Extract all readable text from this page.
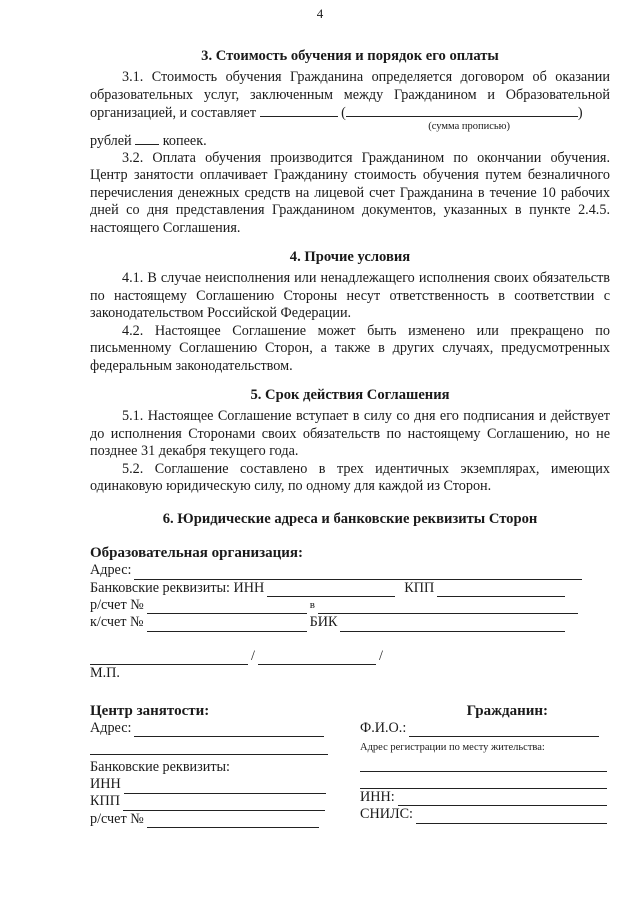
4
3. Стоимость обучения и порядок его оплаты

3.1. Стоимость обучения Гражданина определяется договором об оказании образовательных услуг, заключенным между Гражданином и Образовательной организацией, и составляет	(	)

(сумма прописью)
рублей копеек.

3.2. Оплата обучения производится Гражданином по окончании обучения. Центр занятости оплачивает Гражданину стоимость обучения путем безналичного перечисления денежных средств на лицевой счет Гражданина в течение 10 рабочих дней со дня представления Гражданином документов, указанных в пункте 2.4.5. настоящего Соглашения.

4. Прочие условия

4.1. В случае неисполнения или ненадлежащего исполнения своих обязательств по настоящему Соглашению Стороны несут ответственность в соответствии с законодательством Российской Федерации.

4.2. Настоящее Соглашение может быть изменено или прекращено по письменному Соглашению Сторон, а также в других случаях, предусмотренных федеральным законодательством.

5. Срок действия Соглашения

5.1. Настоящее Соглашение вступает в силу со дня его подписания и действует до исполнения Сторонами своих обязательств по настоящему Соглашению, но не позднее 31 декабря текущего года.

5.2. Соглашение составлено в трех идентичных экземплярах, имеющих одинаковую юридическую силу, по одному для каждой из Сторон.

6. Юридические адреса и банковские реквизиты Сторон
Образовательная организация:
Адрес:
Банковские реквизиты: ИНН	КПП
р/счет №	в
к/счет №	БИК
/	/
М.П.
Центр занятости:
Адрес:
Банковские реквизиты:
ИНН
КПП
р/счет №
Гражданин:
Ф.И.О.:
Адрес регистрации по месту жительства:
ИНН:
СНИЛС:
